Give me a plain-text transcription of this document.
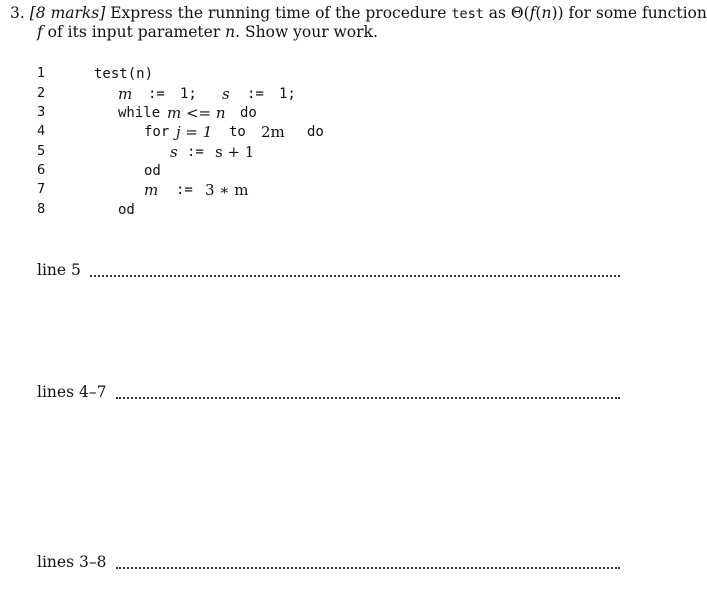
3. [8 marks] Express the running time of the procedure test as Θ(f(n)) for some function
f of its input parameter n. Show your work.
1
2
3
4
5
6
7
8
test(n)
m := 1; s := 1;
while m <= n do
for j = 1 to 2m do
s := s + 1
od
m := 3 ∗ m
od
line 5
lines 4–7
lines 3–8
